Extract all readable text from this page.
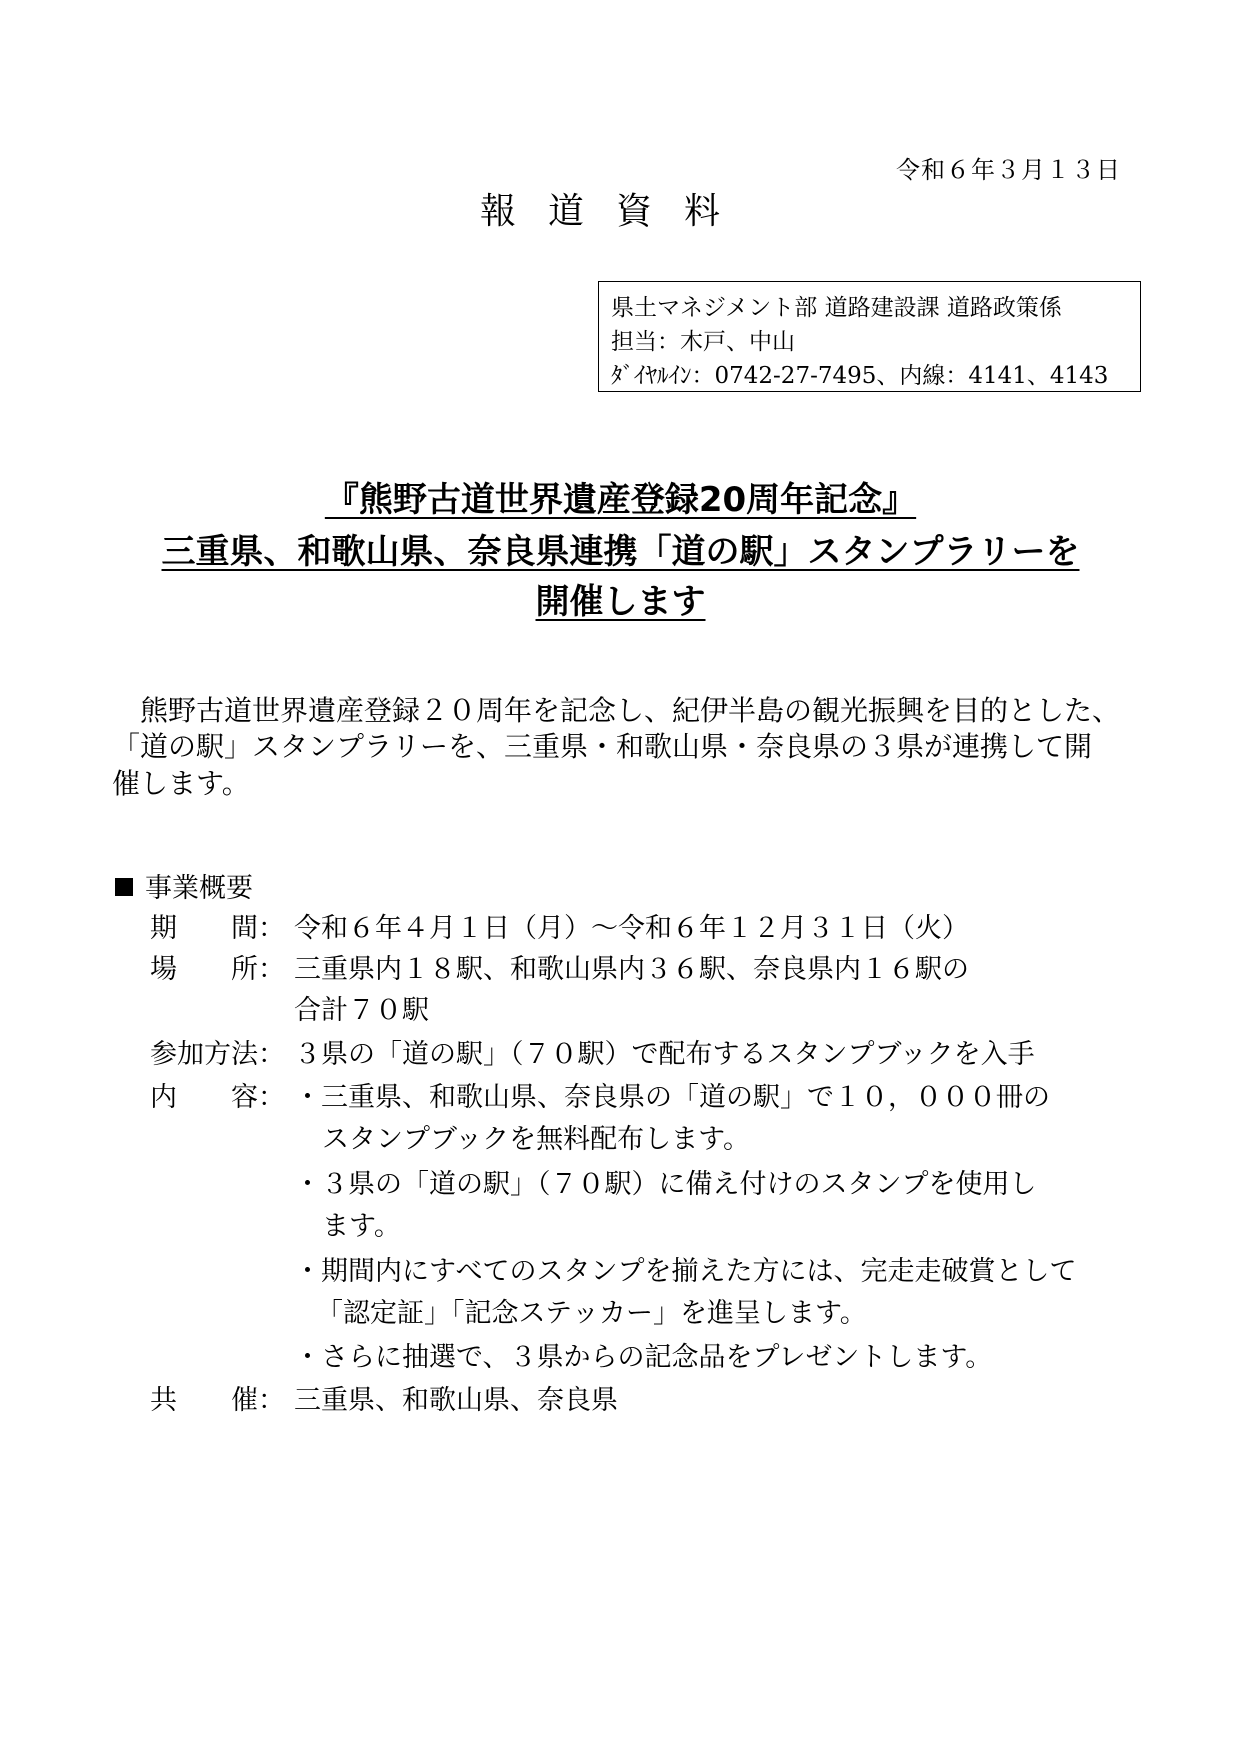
令和６年３月１３日
報道資料
県土マネジメント部 道路建設課 道路政策係
担当：木戸、中山
ﾀﾞｲﾔﾙｲﾝ：0742-27-7495、内線：4141、4143
『熊野古道世界遺産登録20周年記念』
三重県、和歌山県、奈良県連携「道の駅」スタンプラリーを
開催します
熊野古道世界遺産登録２０周年を記念し、紀伊半島の観光振興を目的とした、
「道の駅」スタンプラリーを、三重県・和歌山県・奈良県の３県が連携して開
催します。
事業概要
期　　間： 令和６年４月１日（月）～令和６年１２月３１日（火）
場　　所： 三重県内１８駅、和歌山県内３６駅、奈良県内１６駅の
合計７０駅
参加方法： ３県の「道の駅」（７０駅）で配布するスタンプブックを入手
内　　容： ・三重県、和歌山県、奈良県の「道の駅」で１０，０００冊の
スタンプブックを無料配布します。
・３県の「道の駅」（７０駅）に備え付けのスタンプを使用し
ます。
・期間内にすべてのスタンプを揃えた方には、完走走破賞として
「認定証」「記念ステッカー」を進呈します。
・さらに抽選で、３県からの記念品をプレゼントします。
共　　催： 三重県、和歌山県、奈良県
